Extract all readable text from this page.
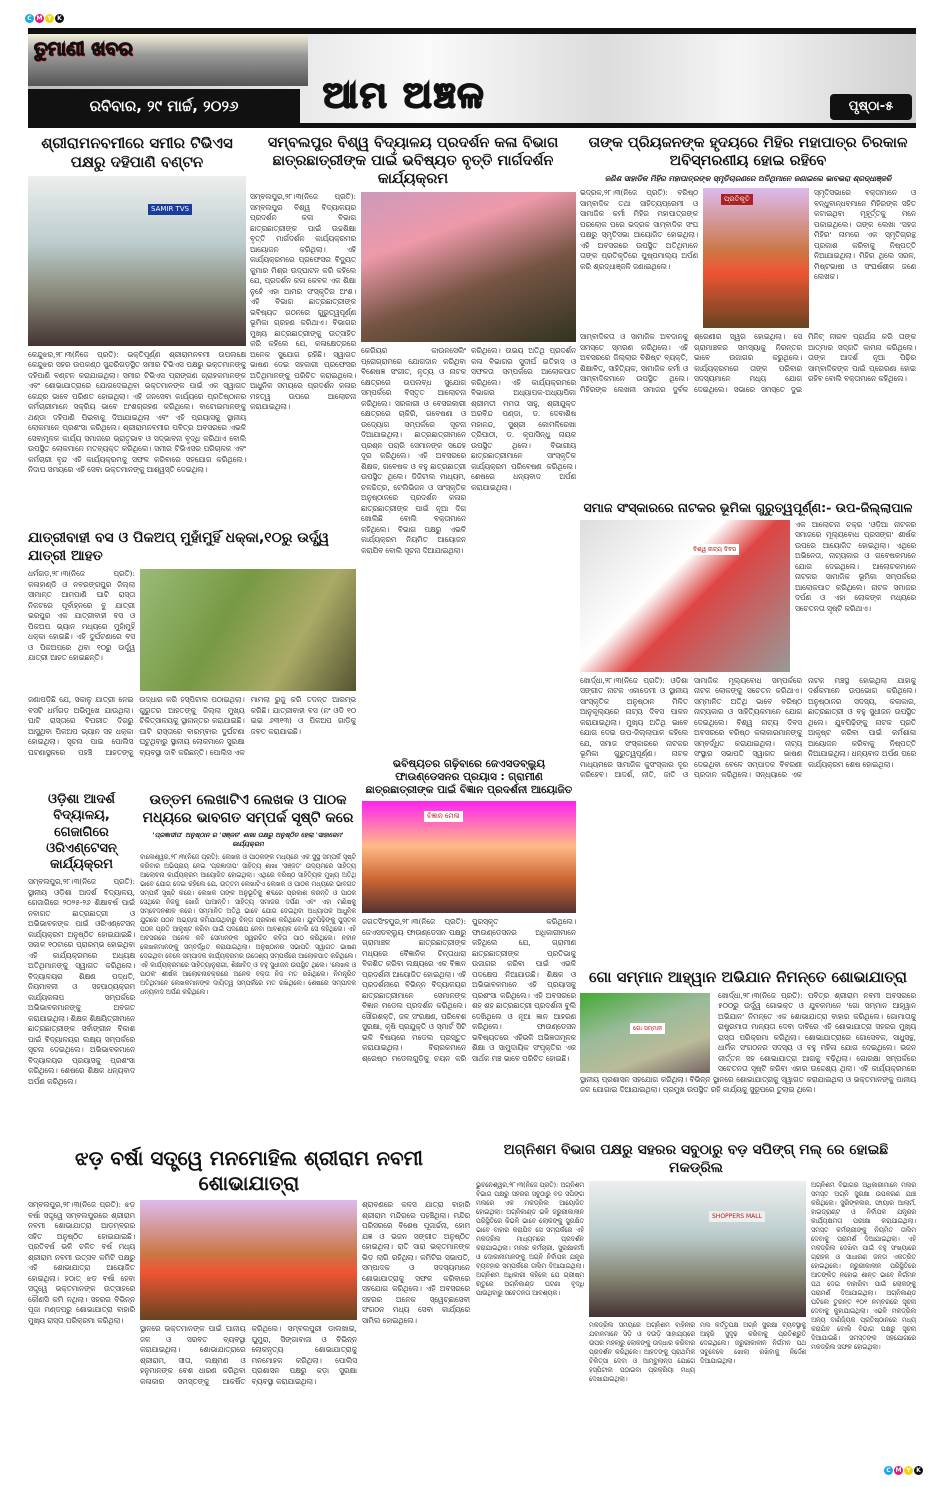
C M Y K
C M Y K
ତୁମାଣୀ ଖବର
ରବିବାର, ୨୯ ମାର୍ଚ୍ଚ, ୨୦୨୬	ଆମ ଅଞ୍ଚଳ	ପୃଷ୍ଠା-୫
ଶ୍ରୀରାମନବମୀରେ ସମୀର ଟିଭିଏସ ପକ୍ଷରୁ ଦହିପାଣି ବଣ୍ଟନ
SAMIR TVS
କେନ୍ଦୁଝର,୨୮।୩(ନିଜେ ପ୍ରତି): ଭକ୍ତିପୂର୍ଣ୍ଣ ଶ୍ରୀରାମନବମୀ ଉପଲକ୍ଷେ କେନ୍ଦୁଝର ସହର ଉପକଣ୍ଠ ସୁନ୍ଦରିଗଡ଼ସ୍ଥିତ ସମୀର ଟିଭିଏସ ପକ୍ଷରୁ ଭକ୍ତମାନଙ୍କୁ ଦହିପାଣି ବଣ୍ଟନ କରାଯାଇଥିଲା। ସମୀର ଟିଭିଏସ ପ୍ରାଙ୍ଗଣ ଗ୍ରାହକମାନଙ୍କ ଏବଂ ଶୋଭାଯାତ୍ରାରେ ଯୋଗଦେଇଥିବା ଭକ୍ତମାନଙ୍କ ପାଇଁ ଏକ ସ୍ୱାଗତ କେନ୍ଦ୍ର ଭାବେ ପରିଣତ ହୋଇଥିଲା। ଏହି ଜନସେବା କାର୍ଯ୍ୟରେ ପ୍ରତିଷ୍ଠାନର କର୍ମଚାରୀମାନେ ସକ୍ରିୟ ଭାବେ ଅଂଶଗ୍ରହଣ କରିଥିଲେ। ବାଟୋଇମାନଙ୍କୁ ଥଣ୍ଡା ଦହିପାଣି ପିଇବାକୁ ଦିଆଯାଇଥିଲା ଏବଂ ଏହି ପ୍ରୟାସକୁ ସ୍ଥାନୀୟ ଲୋକମାନେ ପ୍ରଶଂସା କରିଥିଲେ। ଶ୍ରୀରାମନବମୀର ପବିତ୍ର ଅବସରରେ ଏଭଳି ସେବାମୂଳକ କାର୍ଯ୍ୟ ସମାଜରେ ଭ୍ରାତୃଭାବ ଓ ସଦ୍ଭାବନା ବୃଦ୍ଧି କରିଥାଏ ବୋଲି ଉପସ୍ଥିତ ଲୋକମାନେ ମତବ୍ୟକ୍ତ କରିଥିଲେ। ସମୀର ଟିଭିଏସର ପରିଚାଳକ ଏବଂ କର୍ମଚାରୀ ବୃନ୍ଦ ଏହି କାର୍ଯ୍ୟକ୍ରମକୁ ସଫଳ କରିବାରେ ସହଯୋଗ କରିଥିଲେ। ନିଦାଘ ସମୟରେ ଏହି ସେବା ଭକ୍ତମାନଙ୍କୁ ଆଶ୍ୱସ୍ତି ଦେଇଥିଲା।
ସମ୍ବଲପୁର ବିଶ୍ୱ ବିଦ୍ୟାଳୟ ପ୍ରଦର୍ଶନ କଳା ବିଭାଗ ଛାତ୍ରଛାତ୍ରୀଙ୍କ ପାଇଁ ଭବିଷ୍ୟତ ବୃତ୍ତି ମାର୍ଗଦର୍ଶନ କାର୍ଯ୍ୟକ୍ରମ
ସମ୍ବଲପୁର,୨୮।୩(ନିଜେ ପ୍ରତି): ସମ୍ବଲପୁର ବିଶ୍ୱ ବିଦ୍ୟାଳୟର ପ୍ରଦର୍ଶନ କଳା ବିଭାଗ ଛାତ୍ରଛାତ୍ରୀଙ୍କ ପାଇଁ ଉଚ୍ଚଶିକ୍ଷା ବୃତ୍ତି ମାର୍ଗଦର୍ଶନ କାର୍ଯ୍ୟକ୍ରମର ଆୟୋଜନ କରିଥିଲା। ଏହି କାର୍ଯ୍ୟକ୍ରମରେ ପ୍ରଫେସର ବିଦ୍ୟୁତ୍ କୁମାର ମିଶ୍ର ଉଦ୍‌ଘାଟନ କରି କହିଲେ ଯେ, ପ୍ରଦର୍ଶନ କଳା କେବଳ ଏକ ଶିକ୍ଷା ନୁହେଁ ଏହା ଆମର ସଂସ୍କୃତିର ଅଂଶ। ଏହି ବିଭାଗ ଛାତ୍ରଛାତ୍ରୀଙ୍କ ଭବିଷ୍ୟତ ଗଠନରେ ଗୁରୁତ୍ୱପୂର୍ଣ୍ଣ ଭୂମିକା ଗ୍ରହଣ କରିଥାଏ। ବିଭାଗର ମୁଖ୍ୟ ଛାତ୍ରଛାତ୍ରୀଙ୍କୁ ଉତ୍ସାହିତ କରି କହିଲେ ଯେ, କଳାକ୍ଷେତ୍ରରେ ଅନେକ ସୁଯୋଗ ରହିଛି। ସ୍ୱାଗତ ଭାଷଣ ଦେଇ ସହକାରୀ ପ୍ରଫେସର ଅତିଥିମାନଙ୍କୁ ପରିଚିତ କରାଇଥିଲେ। ଆଧୁନିକ ସମୟରେ ପ୍ରଦର୍ଶନ କଳାର ମହତ୍ୱ ଉପରେ ଆଲୋଚନା କରାଯାଇଥିଲା।
କେରିୟର କାଉନସେଲିଂ ପ୍ରୋଗ୍ରାମରେ ଯୋଗଦାନ କରିଥିବା ବିଶେଷଜ୍ଞ ସଂଗୀତ, ନୃତ୍ୟ ଓ ନାଟକ କ୍ଷେତ୍ରରେ ଉପଲବ୍ଧ ସୁଯୋଗ ସମ୍ପର୍କରେ ବିସ୍ତୃତ ଆଲୋଚନା କରିଥିଲେ। ସରକାରୀ ଓ ବେସରକାରୀ କ୍ଷେତ୍ରରେ ଚାକିରି, ଗବେଷଣା ଓ ଉଦ୍ୟୋଗ ସମ୍ପର୍କରେ ସୂଚନା ଦିଆଯାଇଥିଲା। ଛାତ୍ରଛାତ୍ରୀମାନେ ପ୍ରଶ୍ନ ପଚାରି ସେମାନଙ୍କ ସନ୍ଦେହ ଦୂର କରିଥିଲେ। ଏହି ଅବସରରେ ଶିକ୍ଷକ, ଗବେଷକ ଓ ବହୁ ଛାତ୍ରଛାତ୍ରୀ ଉପସ୍ଥିତ ଥିଲେ। ଡିଜିଟାଲ ମାଧ୍ୟମ, ଚଳଚ୍ଚିତ୍ର, ଟେଲିଭିଜନ ଓ ସାଂସ୍କୃତିକ ଅନୁଷ୍ଠାନରେ ପ୍ରଦର୍ଶନ କଳାର ଛାତ୍ରଛାତ୍ରୀଙ୍କ ପାଇଁ ନୂଆ ଦିଗ ଖୋଲିଛି ବୋଲି ବକ୍ତାମାନେ କହିଥିଲେ। ବିଭାଗ ପକ୍ଷରୁ ଏଭଳି କାର୍ଯ୍ୟକ୍ରମ ନିୟମିତ ଆୟୋଜନ କରାଯିବ ବୋଲି ସୂଚନା ଦିଆଯାଇଥିଲା।
କରିଥିଲେ। ଉଭୟ ଅତିଥି ପ୍ରଦର୍ଶନ କଳା ବିଭାଗର ସୁଦୀର୍ଘ ଇତିହାସ ଓ ସଫଳତା ସମ୍ପର୍କରେ ଆଲୋକପାତ କରିଥିଲେ। ଏହି କାର୍ଯ୍ୟକ୍ରମରେ ବିଭାଗର ଅଧ୍ୟାପକ-ଅଧ୍ୟାପିକା ଶ୍ରୀମତୀ ମମତା ସାହୁ, ଶ୍ରୀଯୁକ୍ତ ଅରବିନ୍ଦ ପଣ୍ଡା, ଡ. ଦେବାଶିଷ ମହାନନ୍ଦ, ସୁଶ୍ରୀ କୋମଳିରେଖା ତ୍ରିପାଠୀ, ଡ. କୃପାସିନ୍ଧୁ ନାୟକ ଉପସ୍ଥିତ ଥିଲେ। ବିଭାଗୀୟ ଛାତ୍ରଛାତ୍ରୀମାନେ ସାଂସ୍କୃତିକ କାର୍ଯ୍ୟକ୍ରମ ପରିବେଷଣ କରିଥିଲେ। ଶେଷରେ ଧନ୍ୟବାଦ ଅର୍ପଣ କରାଯାଇଥିଲା।
ତାଙ୍କ ପ୍ରିୟଜନଙ୍କ ହୃଦୟରେ ମିହିର ମହାପାତ୍ର ଚିରକାଳ ଅବିସ୍ମରଣୀୟ ହୋଇ ରହିବେ
ଜଣିଶ ସାହାଡିକ ମିହିର ମହାପାତ୍ରଙ୍କ ସ୍ମୃତିଚାରଣରେ ଅତିଥିମାନେ ଜଣାଇଲେ ଭାବଭରା ଶ୍ରଦ୍ଧାଞ୍ଜଳି
ଭଦ୍ରକ,୨୮।୩(ନିଜେ ପ୍ରତି): ବରିଷ୍ଠ ସାମ୍ବାଦିକ ତଥା ସାହିତ୍ୟପ୍ରେମୀ ଓ ସାମାଜିକ କର୍ମୀ ମିହିର ମହାପାତ୍ରଙ୍କ ପରଲୋକ ପରେ ଭଦ୍ରକ ସାମ୍ବାଦିକ ସଂଘ ପକ୍ଷରୁ ସ୍ମୃତିସଭା ଆୟୋଜିତ ହୋଇଥିଲା। ଏହି ଅବସରରେ ଉପସ୍ଥିତ ଅତିଥିମାନେ ତାଙ୍କ ପ୍ରତିକୃତିରେ ପୁଷ୍ପମାଲ୍ୟ ଅର୍ପଣ କରି ଶ୍ରଦ୍ଧାଞ୍ଜଳି ଜଣାଇଥିଲେ।
ପ୍ରତିକୃତି
ସ୍ମୃତିସଭାରେ ବକ୍ତାମାନେ ଓ ବନ୍ଧୁବାନ୍ଧବମାନେ ମିହିରଙ୍କ ସହିତ କଟାଇଥିବା ମୂହୂର୍ତ୍ତକୁ ମନେ ପକାଇଥିଲେ। ତାଙ୍କ ଲେଖା 'ସହଜ ମିହିର' ନାମରେ ଏକ ସ୍ମୃତିଗ୍ରନ୍ଥ ପ୍ରକାଶ କରିବାକୁ ନିଷ୍ପତ୍ତି ନିଆଯାଇଥିଲା। ମିହିର ଥିଲେ ସରଳ, ମିଷ୍ଟଭାଷୀ ଓ ସଂଘର୍ଷଶୀଳ ଜଣେ ଲେଖକ।
ସାମ୍ବାଦିକତା ଓ ସାମାଜିକ ଅବଦାନକୁ ସମସ୍ତେ ସ୍ମରଣ କରିଥିଲେ। ଏହି ଅବସରରେ ଜିଲ୍ଲାର ବିଶିଷ୍ଟ ବ୍ୟକ୍ତି, ଶିକ୍ଷାବିତ୍, ସାହିତ୍ୟିକ, ସାମାଜିକ କର୍ମୀ ଓ ସାମ୍ବାଦିକମାନେ ଉପସ୍ଥିତ ଥିଲେ। ମିହିରଙ୍କ ଲେଖନୀ ସମାଜର ଦୁର୍ବଳ ଶ୍ରେଣୀର ସ୍ୱର ହୋଇଥିଲା। ସେ ଗ୍ରାମାଞ୍ଚଳର ସମସ୍ୟାକୁ ନିରନ୍ତର ଭାବେ ଉଜାଗର କରୁଥିଲେ। କାର୍ଯ୍ୟକ୍ରମରେ ତାଙ୍କ ପରିବାର ସଦସ୍ୟମାନେ ମଧ୍ୟ ଯୋଗ ଦେଇଥିଲେ। ସଭାରେ ସମସ୍ତେ ଦୁଇ ମିନିଟ୍ ନୀରବ ପ୍ରାର୍ଥନା କରି ତାଙ୍କ ଆତ୍ମାର ସଦ୍‌ଗତି କାମନା କରିଥିଲେ। ତାଙ୍କ ଆଦର୍ଶ ନୂଆ ପିଢ଼ିର ସାମ୍ବାଦିକଙ୍କ ପାଇଁ ପ୍ରେରଣା ହୋଇ ରହିବ ବୋଲି ବକ୍ତାମାନେ କହିଥିଲେ।
ଯାତ୍ରୀବାହୀ ବସ ଓ ପିକଅପ୍ ମୁହାଁମୁହିଁ ଧକ୍କା,୧୦ରୁ ଉର୍ଦ୍ଧ୍ୱ ଯାତ୍ରୀ ଆହତ
ଧର୍ମଗଡ଼,୨୮।୩(ନିଜେ ପ୍ରତି): କଳାହାଣ୍ଡି ଓ ନବରଙ୍ଗପୁର ଜିଲ୍ଲା ସୀମାନ୍ତ ଆମପାଣି ଘାଟି ରାସ୍ତା ନିକଟରେ ପୂର୍ବାହ୍ନରେ ବୁ ଯାତ୍ରୀ ଭରପୁର ଏକ ଯାତ୍ରୀବାହୀ ବସ ଓ ପିକଅପ ଭ୍ୟାନ ମଧ୍ୟରେ ମୁହାଁମୁହିଁ ଧକ୍କା ହୋଇଛି। ଏହି ଦୁର୍ଘଟଣାରେ ବସ ଓ ପିକଅପରେ ଥିବା ୧୦ରୁ ଊର୍ଦ୍ଧ୍ୱ ଯାତ୍ରୀ ଆହତ ହୋଇଛନ୍ତି।
ଜଣାପଡ଼ିଛି ଯେ, ସକାଳୁ ଯାତ୍ରୀ ନେଇ ବସଟି ଧର୍ମଗଡ଼ ଅଭିମୁଖେ ଯାଉଥିଲା। ଘାଟି ରାସ୍ତାରେ ବିପରୀତ ଦିଗରୁ ଆସୁଥିବା ପିକଅପ ଭ୍ୟାନ ସହ ଧକ୍କା ହୋଇଥିଲା। ସୂଚନା ପାଇ ପୋଲିସ ଘଟଣାସ୍ଥଳରେ ପହଞ୍ଚି ଆହତଙ୍କୁ ଉଦ୍ଧାର କରି ହସ୍ପିଟାଲ ପଠାଇଥିଲା। ଗୁରୁତର ଆହତଙ୍କୁ ଜିଲ୍ଲା ମୁଖ୍ୟ ଚିକିତ୍ସାଳୟକୁ ସ୍ଥାନାନ୍ତର କରାଯାଇଛି। ଘାଟି ରାସ୍ତାରେ ବାରମ୍ବାର ଦୁର୍ଘଟଣା ଘଟୁଥିବାରୁ ସ୍ଥାନୀୟ ଲୋକମାନେ ସୁରକ୍ଷା ବ୍ୟବସ୍ଥା ଦାବି କରିଛନ୍ତି। ପୋଲିସ ଏକ ମାମଲା ରୁଜୁ କରି ତଦନ୍ତ ଆରମ୍ଭ କରିଛି। ଯାତ୍ରୀବାହୀ ବସ (ନଂ ଓଡି ୧୦ ଇଇ ୬୩୧୩) ଓ ପିକଅପ ଗାଡ଼ିକୁ ଜବତ କରାଯାଇଛି।
ଓଡ଼ିଶା ଆଦର୍ଶ ବିଦ୍ୟାଳୟ, ଗେଜାଗିରେ ଓରିଏଣ୍ଟେସନ୍ କାର୍ଯ୍ୟକ୍ରମ
ସମ୍ବଲପୁର,୨୮।୩(ନିଜେ ପ୍ରତି): ସ୍ଥାନୀୟ ଓଡ଼ିଶା ଆଦର୍ଶ ବିଦ୍ୟାଳୟ, ଗେଜାଗିରେ ୨୦୨୫-୨୬ ଶିକ୍ଷାବର୍ଷ ପାଇଁ ନବାଗତ ଛାତ୍ରଛାତ୍ରୀ ଓ ଅଭିଭାବକଙ୍କ ପାଇଁ ଓରିଏଣ୍ଟେସନ୍ କାର୍ଯ୍ୟକ୍ରମ ଅନୁଷ୍ଠିତ ହୋଇଯାଇଛି। ସକାଳ ୧୦ଟାରେ ପ୍ରାରମ୍ଭ ହୋଇଥିବା ଏହି କାର୍ଯ୍ୟକ୍ରମରେ ଅଧ୍ୟକ୍ଷ ଅତିଥିମାନଙ୍କୁ ସ୍ୱାଗତ କରିଥିଲେ। ବିଦ୍ୟାଳୟର ଶିକ୍ଷଣ ପଦ୍ଧତି, ନିୟମାବଳୀ ଓ ସହପାଠ୍ୟକ୍ରମ କାର୍ଯ୍ୟକଳାପ ସମ୍ପର୍କରେ ଅଭିଭାବକମାନଙ୍କୁ ଅବଗତ କରାଯାଇଥିଲା। ଶିକ୍ଷକ ଶିକ୍ଷୟିତ୍ରୀମାନେ ଛାତ୍ରଛାତ୍ରୀଙ୍କ ସର୍ବାଙ୍ଗୀନ ବିକାଶ ପାଇଁ ବିଦ୍ୟାଳୟର ଲକ୍ଷ୍ୟ ସମ୍ପର୍କରେ ସୂଚନା ଦେଇଥିଲେ। ଅଭିଭାବକମାନେ ବିଦ୍ୟାଳୟର ପ୍ରୟାସକୁ ପ୍ରଶଂସା କରିଥିଲେ। ଶେଷରେ ଶିକ୍ଷକ ଧନ୍ୟବାଦ ଅର୍ପଣ କରିଥିଲେ।
ଉତ୍ତମ ଲେଖାଟିଏ ଲେଖକ ଓ ପାଠକ ମଧ୍ୟରେ ଭାବଗତ ସମ୍ପର୍କ ସୃଷ୍ଟି କରେ
'ପ୍ରଜ୍ଞାଦୀପ' ଅନୁଷ୍ଠାନ ର 'ସଞ୍ଜତ' ଶାଖା ପକ୍ଷରୁ ଅନୁଷ୍ଠିତ ହେଲା 'ସାହାଜେମ' କାର୍ଯ୍ୟକ୍ରମ
ବାଲେଶ୍ୱର,୨୮।୩(ନିଜେ ପ୍ରତି): ଲେଖକ ଓ ପାଠକଙ୍କ ମଧ୍ୟରେ ଏକ ସୁସ୍ଥ ସମ୍ପର୍କ ସୃଷ୍ଟି କରିବାର ଅଭିପ୍ରାୟ ନେଇ 'ପ୍ରଜ୍ଞାଦୀପ' ସାହିତ୍ୟ ଶାଖା 'ସଞ୍ଜତ' ଉଦ୍ୟମରେ ସାହିତ୍ୟ ଆଲୋଚନା କାର୍ଯ୍ୟକ୍ରମ ଆୟୋଜିତ ହୋଇଥିଲା। ଏଥିରେ ବରିଷ୍ଠ ସାହିତ୍ୟିକ ମୁଖ୍ୟ ଅତିଥି ଭାବେ ଯୋଗ ଦେଇ କହିଲେ ଯେ, ଉତ୍ତମ ଲେଖାଟିଏ ଲେଖକ ଓ ପାଠକ ମଧ୍ୟରେ ଭାବଗତ ସମ୍ପର୍କ ସୃଷ୍ଟି କରେ। ଲେଖକ ତାଙ୍କ ଅନୁଭୂତିକୁ ଶବ୍ଦରେ ପ୍ରକାଶ କରନ୍ତି ଓ ପାଠକ ସେଥିରେ ନିଜକୁ ଖୋଜି ପାଆନ୍ତି। ସାହିତ୍ୟ ସମାଜର ଦର୍ପଣ ଏବଂ ଏହା ମଣିଷକୁ ସମ୍ବେଦନଶୀଳ କରେ। ସମ୍ମାନିତ ଅତିଥି ଭାବେ ଯୋଗ ଦେଇଥିବା ଅଧ୍ୟାପକ ଆଧୁନିକ ଯୁଗରେ ପଠନ ଅଭ୍ୟାସ କମିଯାଉଥିବାରୁ ଚିନ୍ତା ପ୍ରକାଶ କରିଥିଲେ। ଯୁବପିଢ଼ିଙ୍କୁ ପୁସ୍ତକ ପଠନ ପ୍ରତି ଆକୃଷ୍ଟ କରିବା ପାଇଁ ପଦକ୍ଷେପ ନେବା ଆବଶ୍ୟକ ବୋଲି ସେ କହିଥିଲେ। ଏହି ଅବସରରେ ଅନେକ କବି ସେମାନଙ୍କ ସ୍ୱରଚିତ କବିତା ପାଠ କରିଥିଲେ। ନବୀନ ଲେଖକମାନଙ୍କୁ ସମ୍ବର୍ଦ୍ଧିତ କରାଯାଇଥିଲା। ଅନୁଷ୍ଠାନର ସଭାପତି ସ୍ୱାଗତ ଭାଷଣ ଦେଇଥିବା ବେଳେ ସମ୍ପାଦକ କାର୍ଯ୍ୟକ୍ରମର ଉଦ୍ଦେଶ୍ୟ ସମ୍ପର୍କରେ ଆଲୋକପାତ କରିଥିଲେ। ଏହି କାର୍ଯ୍ୟକ୍ରମରେ ସାହିତ୍ୟାନୁରାଗୀ, ଶିକ୍ଷାବିତ୍ ଓ ବହୁ ସୁଧୀଜନ ଉପସ୍ଥିତ ଥିଲେ। 'ଲେଖକ ଓ ପାଠକ' ଶୀର୍ଷକ ଆଲୋଚନାଚକ୍ରରେ ଅନେକ ବକ୍ତା ନିଜ ମତ ରଖିଥିଲେ। ନିମନ୍ତ୍ରିତ ଅତିଥିମାନେ ଲେଖକମାନଙ୍କ ଦାୟିତ୍ୱ ସମ୍ପର୍କରେ ମତ ରଖିଥିଲେ। ଶେଷରେ ସମ୍ପାଦକ ଧନ୍ୟବାଦ ଅର୍ପଣ କରିଥିଲେ।
ଭବିଷ୍ୟତର ଗଢ଼ିବାରେ ଜେଏସଡବ୍ଲ୍ୟୁ ଫାଉଣ୍ଡେସନର ପ୍ରୟାସ : ଗ୍ରାମୀଣ ଛାତ୍ରଛାତ୍ରୀଙ୍କ ପାଇଁ ବିଜ୍ଞାନ ପ୍ରଦର୍ଶନୀ ଆୟୋଜିତ
ବିଜ୍ଞାନ ମେଳା
ଜଗତସିଂହପୁର,୨୮।୩(ନିଜେ ପ୍ରତି): ଜେଏସଡବ୍ଲ୍ୟୁ ଫାଉଣ୍ଡେସନ ପକ୍ଷରୁ ଗ୍ରାମାଞ୍ଚଳ ଛାତ୍ରଛାତ୍ରୀଙ୍କ ମଧ୍ୟରେ ବୈଜ୍ଞାନିକ ଚିନ୍ତାଧାରା ବିକଶିତ କରିବା ଲକ୍ଷ୍ୟରେ ଏକ ବିଜ୍ଞାନ ପ୍ରଦର୍ଶନୀ ଆୟୋଜିତ ହୋଇଥିଲା। ଏହି ପ୍ରଦର୍ଶନୀରେ ବିଭିନ୍ନ ବିଦ୍ୟାଳୟର ଛାତ୍ରଛାତ୍ରୀମାନେ ସେମାନଙ୍କ ବିଜ୍ଞାନ ମଡେଲ ପ୍ରଦର୍ଶନ କରିଥିଲେ। ସୌରଶକ୍ତି, ଜଳ ସଂରକ୍ଷଣ, ପରିବେଶ ସୁରକ୍ଷା, କୃଷି ପ୍ରଯୁକ୍ତି ଓ ସ୍ମାର୍ଟ ସିଟି ଭଳି ବିଷୟରେ ମଡେଲ ପ୍ରସ୍ତୁତ କରାଯାଇଥିଲା। ବିଚାରକମାନେ ଶ୍ରେଷ୍ଠ ମଡେଲଗୁଡ଼ିକୁ ଚୟନ କରି ପୁରସ୍କୃତ କରିଥିଲେ। ଫାଉଣ୍ଡେସନର ଅଧିକାରୀମାନେ କହିଥିଲେ ଯେ, ଗ୍ରାମୀଣ ଛାତ୍ରଛାତ୍ରୀଙ୍କ ପ୍ରତିଭାକୁ ଉଜାଗର କରିବା ପାଇଁ ଏଭଳି ପଦକ୍ଷେପ ନିଆଯାଉଛି। ଶିକ୍ଷକ ଓ ଅଭିଭାବକମାନେ ଏହି ପ୍ରୟାସକୁ ପ୍ରଶଂସା କରିଥିଲେ। ଏହି ଅବସରରେ ଶହ ଶହ ଛାତ୍ରଛାତ୍ରୀ ପ୍ରଦର୍ଶନୀ ବୁଲି ଦେଖିଥିଲେ ଓ ନୂଆ ଜ୍ଞାନ ଆହରଣ କରିଥିଲେ। ଫାଉଣ୍ଡେସନ ଭବିଷ୍ୟତରେ ଏହିଭଳି ଅଭିଜ୍ଞତାମୂଳକ ଶିକ୍ଷା ଓ ସାମୁଦାୟିକ ସଂପୃକ୍ତିର ଏକ ସାର୍ଥକ ମଞ୍ଚ ଭାବେ ପରିଚିତ ହୋଇଛି।
ସମାଜ ସଂସ୍କାରରେ ନାଟକର ଭୂମିକା ଗୁରୁତ୍ୱପୂର୍ଣ୍ଣ:- ଉପ-ଜିଲ୍ଲାପାଳ
ବିଶ୍ୱ ନାଟ୍ୟ ଦିବସ
ଏକ ଆଲୋଚନା ଚକ୍ର 'ଓଡ଼ିଆ ନାଟକର ସମାଜରେ ମୂଲ୍ୟବୋଧ ପ୍ରସଙ୍ଗ' ଶୀର୍ଷକ ଉପରେ ଆୟୋଜିତ ହୋଇଥିଲା। ଏଥିରେ ଅଭିନେତା, ନାଟ୍ୟକାର ଓ ଗବେଷକମାନେ ଯୋଗ ଦେଇଥିଲେ। ଆଲୋଚକମାନେ ନାଟକର ସାମାଜିକ ଭୂମିକା ସମ୍ପର୍କରେ ଆଲୋକପାତ କରିଥିଲେ। ନାଟକ ସମାଜର ଦର୍ପଣ ଓ ଏହା ଲୋକଙ୍କ ମଧ୍ୟରେ ସଚେତନତା ସୃଷ୍ଟି କରିଥାଏ।
ଖୋର୍ଦ୍ଧା,୨୮।୩(ନିଜେ ପ୍ରତି): ଓଡ଼ିଶା ସଙ୍ଗୀତ ନାଟକ ଏକାଡେମୀ ଓ ସ୍ଥାନୀୟ ସାଂସ୍କୃତିକ ଅନୁଷ୍ଠାନ ମିଳିତ ଆନୁକୂଲ୍ୟରେ ନାଟ୍ୟ ଦିବସ ପାଳନ କରାଯାଇଥିଲା। ମୁଖ୍ୟ ଅତିଥି ଭାବେ ଯୋଗ ଦେଇ ଉପ-ଜିଲ୍ଲାପାଳ କହିଲେ ଯେ, ସମାଜ ସଂସ୍କାରରେ ନାଟକର ଭୂମିକା ଗୁରୁତ୍ୱପୂର୍ଣ୍ଣ। ନାଟକ ମାଧ୍ୟମରେ ସାମାଜିକ କୁସଂସ୍କାର ଦୂର କରିହେବ। ଆଦର୍ଶ, ନୀତି, ଜାତି ଓ ସାମାଜିକ ମୂଲ୍ୟବୋଧ ସମ୍ପର୍କରେ ନାଟକ ଲୋକଙ୍କୁ ସଚେତନ କରିଥାଏ। ସମ୍ମାନିତ ଅତିଥି ଭାବେ ବରିଷ୍ଠ ନାଟ୍ୟକାର ଓ ସାହିତ୍ୟିକମାନେ ଯୋଗ ଦେଇଥିଲେ। ବିଶ୍ୱ ନାଟ୍ୟ ଦିବସ ଅବସରରେ ବରିଷ୍ଠ କଳାକାରମାନଙ୍କୁ ସମ୍ବର୍ଦ୍ଧିତ କରାଯାଇଥିଲା। ନାଟ୍ୟ ସଂସ୍ଥାର ସଭାପତି ସ୍ୱାଗତ ଭାଷଣ ଦେଇଥିବା ବେଳେ ସମ୍ପାଦକ ବିବରଣୀ ପ୍ରଦାନ କରିଥିଲେ। ସନ୍ଧ୍ୟାରେ ଏକ ନାଟକ ମଞ୍ଚସ୍ଥ ହୋଇଥିଲା ଯାହାକୁ ଦର୍ଶକମାନେ ଉପଭୋଗ କରିଥିଲେ। ଅନୁଷ୍ଠାନର ସଦସ୍ୟ, କଳାକାର, ଛାତ୍ରଛାତ୍ରୀ ଓ ବହୁ ସୁଧୀଜନ ଉପସ୍ଥିତ ଥିଲେ। ଯୁବପିଢ଼ିଙ୍କୁ ନାଟକ ପ୍ରତି ଆକୃଷ୍ଟ କରିବା ପାଇଁ କର୍ମଶାଳା ଆୟୋଜନ କରିବାକୁ ନିଷ୍ପତ୍ତି ନିଆଯାଇଥିଲା। ଧନ୍ୟବାଦ ଅର୍ପଣ ପରେ କାର୍ଯ୍ୟକ୍ରମ ଶେଷ ହୋଇଥିଲା।
ଗୋ ସମ୍ମାନ ଆହ୍ୱାନ ଅଭିଯାନ ନିମନ୍ତେ ଶୋଭାଯାତ୍ରା
ଗୋ ସମ୍ମାନ
ଖୋର୍ଦ୍ଧା,୨୮।୩(ନିଜେ ପ୍ରତି): ପବିତ୍ର ଶ୍ରୀରାମ ନବମୀ ଅବସରରେ ୫୦୦ରୁ ଉର୍ଦ୍ଧ୍ୱ ଗୋଭକ୍ତ ଓ ଯୁବକମାନେ 'ଗୋ ସମ୍ମାନ ଆହ୍ୱାନ ଅଭିଯାନ' ନିମନ୍ତେ ଏକ ଶୋଭାଯାତ୍ରା ବାହାର କରିଥିଲେ। ଗୋମାତାକୁ ରାଷ୍ଟ୍ରମାତା ମାନ୍ୟତା ଦେବା ଦାବିରେ ଏହି ଶୋଭାଯାତ୍ରା ସହରର ମୁଖ୍ୟ ରାସ୍ତା ପରିକ୍ରମା କରିଥିଲା। ଶୋଭାଯାତ୍ରାରେ ଗୋସେବକ, ସାଧୁସନ୍ଥ, ଧାର୍ମିକ ସଂଗଠନର ସଦସ୍ୟ ଓ ବହୁ ମହିଳା ଯୋଗ ଦେଇଥିଲେ। ଭଜନ କୀର୍ତ୍ତନ ସହ ଶୋଭାଯାତ୍ରା ଆଗକୁ ବଢ଼ିଥିଲା। ଗୋରକ୍ଷା ସମ୍ପର୍କରେ ସଚେତନତା ସୃଷ୍ଟି କରିବା ଏହାର ଉଦ୍ଦେଶ୍ୟ ଥିଲା। ଏହି କାର୍ଯ୍ୟକ୍ରମରେ ସ୍ଥାନୀୟ ପ୍ରଶାସନ ସହଯୋଗ କରିଥିଲା। ବିଭିନ୍ନ ସ୍ଥାନରେ ଶୋଭାଯାତ୍ରାକୁ ସ୍ୱାଗତ କରାଯାଇଥିଲା ଓ ଭକ୍ତମାନଙ୍କୁ ପାନୀୟ ଜଳ ଯୋଗାଇ ଦିଆଯାଇଥିଲା। ପ୍ରମୁଖ ଉପସ୍ଥିତ ରହି କାର୍ଯ୍ୟକୁ ସୁରୂପରେ ତୁଲାଇ ଥିଲେ।
ଝଡ଼ ବର୍ଷା ସତ୍ତ୍ୱେ ମନମୋହିଲ ଶ୍ରୀରାମ ନବମୀ ଶୋଭାଯାତ୍ରା
ସମ୍ବଲପୁର,୨୮।୩(ନିଜେ ପ୍ରତି): ଝଡ଼ ବର୍ଷା ସତ୍ତ୍ୱେ ସମ୍ବଲପୁରରେ ଶ୍ରୀରାମ ନବମୀ ଶୋଭାଯାତ୍ରା ଆଡ଼ମ୍ବରର ସହିତ ଅନୁଷ୍ଠିତ ହୋଇଯାଇଛି। ପ୍ରତିବର୍ଷ ଭଳି ଚଳିତ ବର୍ଷ ମଧ୍ୟ ଶ୍ରୀରାମ ନବମୀ ଉତ୍ସବ କମିଟି ପକ୍ଷରୁ ଏହି ଶୋଭାଯାତ୍ରା ଆୟୋଜିତ ହୋଇଥିଲା। ହଠାତ୍ ଝଡ଼ ବର୍ଷା ହେବା ସତ୍ତ୍ୱେ ଭକ୍ତମାନଙ୍କ ଉତ୍ସାହରେ କୌଣସି କମି ନଥିଲା। ସହରର ବିଭିନ୍ନ ପୂଜା ମଣ୍ଡପରୁ ଶୋଭାଯାତ୍ରା ବାହାରି ମୁଖ୍ୟ ରାସ୍ତା ପରିକ୍ରମା କରିଥିଲା।
ସ୍ଥାନରେ ଭକ୍ତମାନଙ୍କ ପାଇଁ ପାନୀୟ ଜଳ ଓ ସରବତ ବ୍ୟବସ୍ଥା କରାଯାଇଥିଲା। ଶୋଭାଯାତ୍ରାରେ ଶ୍ରୀରାମ, ସୀତା, ଲକ୍ଷ୍ମଣ ଓ ହନୁମାନଙ୍କ ବେଶ ଧାରଣ କରିଥିବା କଳାକାର ସମସ୍ତଙ୍କୁ ଆକର୍ଷିତ କରିଥିଲେ। ସମ୍ବଲପୁରୀ ଡାଲଖାଇ, ଘୁମୁରା, ସିଙ୍ଗାବାଜା ଓ ବିଭିନ୍ନ ଲୋକନୃତ୍ୟ ଶୋଭାଯାତ୍ରାକୁ ମନମୋହକ କରିଥିଲା। ପୋଲିସ ପ୍ରଶାସନ ପକ୍ଷରୁ କଡ଼ା ସୁରକ୍ଷା ବ୍ୟବସ୍ଥା କରାଯାଇଥିଲା।
ଶ୍ରାବଣରେ କଳସ ଯାତ୍ରା ବାହାରି ଶ୍ରୀରାମ ମନ୍ଦିରରେ ପହଞ୍ଚିଥିଲା। ମନ୍ଦିର ପରିସରରେ ବିଶେଷ ପୂଜାର୍ଚ୍ଚନା, ହୋମ ଯଜ୍ଞ ଓ ଭଜନ ସଙ୍ଗୀତ ଅନୁଷ୍ଠିତ ହୋଇଥିଲା। ରାତି ସାରା ଭକ୍ତମାନଙ୍କ ଭିଡ଼ ଲାଗି ରହିଥିଲା। କମିଟିର ସଭାପତି, ସମ୍ପାଦକ ଓ ସଦସ୍ୟମାନେ ଶୋଭାଯାତ୍ରାକୁ ସଫଳ କରିବାରେ ସହଯୋଗ କରିଥିଲେ। ଏହି ଅବସରରେ ସହରର ଅନେକ ସ୍ୱେଚ୍ଛାସେବୀ ସଂଗଠନ ମଧ୍ୟ ସେବା କାର୍ଯ୍ୟରେ ସାମିଲ ହୋଇଥିଲେ।
ଅଗ୍ନିଶମ ବିଭାଗ ପକ୍ଷରୁ ସହରର ସବୁଠାରୁ ବଡ଼ ସପିଙ୍ଗ୍ ମଲ୍ ରେ ହୋଇଛି ମକଡ୍ରିଲ
ଭୁବନେଶ୍ୱର,୨୮।୩(ନିଜେ ପ୍ରତି): ଅଗ୍ନିଶମ ବିଭାଗ ପକ୍ଷରୁ ସହରର ସବୁଠାରୁ ବଡ଼ ସପିଙ୍ଗ ମଲରେ ଏକ ମକଡ୍ରିଲ ଆୟୋଜିତ ହୋଇଥିଲା। ଅଗ୍ନିକାଣ୍ଡ ଭଳି ଜରୁରୀକାଳୀନ ପରିସ୍ଥିତିରେ କିଭଳି ଭାବେ ଲୋକଙ୍କୁ ସୁରକ୍ଷିତ ଭାବେ ବାହାର କରାଯିବ ସେ ସମ୍ପର୍କରେ ଏହି ମକଡ୍ରିଲ ମାଧ୍ୟମରେ ପ୍ରଦର୍ଶନ କରାଯାଇଥିଲା। ମଲର କର୍ମଚାରୀ, ସୁରକ୍ଷାକର୍ମୀ ଓ ଦୋକାନୀମାନଙ୍କୁ ଅଗ୍ନି ନିର୍ବାପକ ଯନ୍ତ୍ର ବ୍ୟବହାର ସମ୍ପର୍କରେ ତାଲିମ ଦିଆଯାଇଥିଲା। ଅଗ୍ନିଶମ ଅଧିକାରୀ କହିଲେ ଯେ ଗ୍ରୀଷ୍ମ ଋତୁରେ ଅଗ୍ନିକାଣ୍ଡ ଘଟଣା ବୃଦ୍ଧି ପାଉଥିବାରୁ ସଚେତନତା ଆବଶ୍ୟକ।
SHOPPERS MALL
ମକଡ୍ରିଲ ସମୟରେ ଅଗ୍ନିଶମ ବାହିନୀର ଯବାନମାନେ ସିଡ଼ି ଓ ଦଉଡ଼ି ସାହାଯ୍ୟରେ ଉପର ମହଲାରୁ ଲୋକଙ୍କୁ ଉଦ୍ଧାର କରିବାର ପ୍ରଦର୍ଶନ କରିଥିଲେ। ଆହତଙ୍କୁ ପ୍ରାଥମିକ ଚିକିତ୍ସା ଦେବା ଓ ଆମ୍ବୁଲାନ୍ସ ଯୋଗେ ହସ୍ପିଟାଲ ପଠାଇବା ପ୍ରକ୍ରିୟା ମଧ୍ୟ ଦେଖାଯାଇଥିଲା।
ମଲ କର୍ତ୍ତୃପକ୍ଷ ଅଗ୍ନି ସୁରକ୍ଷା ବ୍ୟବସ୍ଥାକୁ ଆହୁରି ସୁଦୃଢ଼ କରିବାକୁ ପ୍ରତିଶ୍ରୁତି ଦେଇଥିଲେ। ଜରୁରୀକାଳୀନ ନିର୍ଗମନ ପଥ ସବୁବେଳେ ଖୋଲା ରଖିବାକୁ ନିର୍ଦ୍ଦେଶ ଦିଆଯାଇଥିଲା।
ଅଗ୍ନିଶମ ବିଭାଗର ଅଧିକାରୀମାନେ ମଲର ସମସ୍ତ ଅଗ୍ନି ସୁରକ୍ଷା ଉପକରଣ ଯାଞ୍ଚ କରିଥିଲେ। ସ୍ପ୍ରିଙ୍କଲର, ଫାୟାର ଆଲାର୍ମ, ହାଇଡ୍ରାଣ୍ଟ ଓ ନିର୍ବାପକ ଯନ୍ତ୍ରର କାର୍ଯ୍ୟକ୍ଷମତା ପରୀକ୍ଷା କରାଯାଇଥିଲା। ସମସ୍ତ କର୍ମଚାରୀଙ୍କୁ ନିୟମିତ ତାଲିମ ଦେବାକୁ ପରାମର୍ଶ ଦିଆଯାଇଥିଲା। ଏହି ମକଡ୍ରିଲ ଦେଖିବା ପାଇଁ ବହୁ ସଂଖ୍ୟାରେ ଗ୍ରାହକ ଓ ସାଧାରଣ ଜନତା ଏକତ୍ରିତ ହୋଇଥିଲେ। ଜରୁରୀକାଳୀନ ପରିସ୍ଥିତିରେ ଆତଙ୍କିତ ନହୋଇ ଶାନ୍ତ ଭାବେ ନିର୍ଗମନ ପଥ ଦେଇ ବାହାରିବା ପାଇଁ ଲୋକଙ୍କୁ ପରାମର୍ଶ ଦିଆଯାଇଥିଲା। ଅଗ୍ନିକାଣ୍ଡ ଘଟିଲେ ତୁରନ୍ତ ୧୦୧ ନମ୍ବରରେ ସୂଚନା ଦେବାକୁ କୁହାଯାଇଥିଲା। ଏଭଳି ମକଡ୍ରିଲ ଅନ୍ୟ ବାଣିଜ୍ୟିକ ପ୍ରତିଷ୍ଠାନରେ ମଧ୍ୟ କରାଯିବ ବୋଲି ବିଭାଗ ପକ୍ଷରୁ ସୂଚନା ଦିଆଯାଇଛି। ସମସ୍ତଙ୍କ ସହଯୋଗରେ ମକଡ୍ରିଲ ସଫଳ ହୋଇଥିଲା।
